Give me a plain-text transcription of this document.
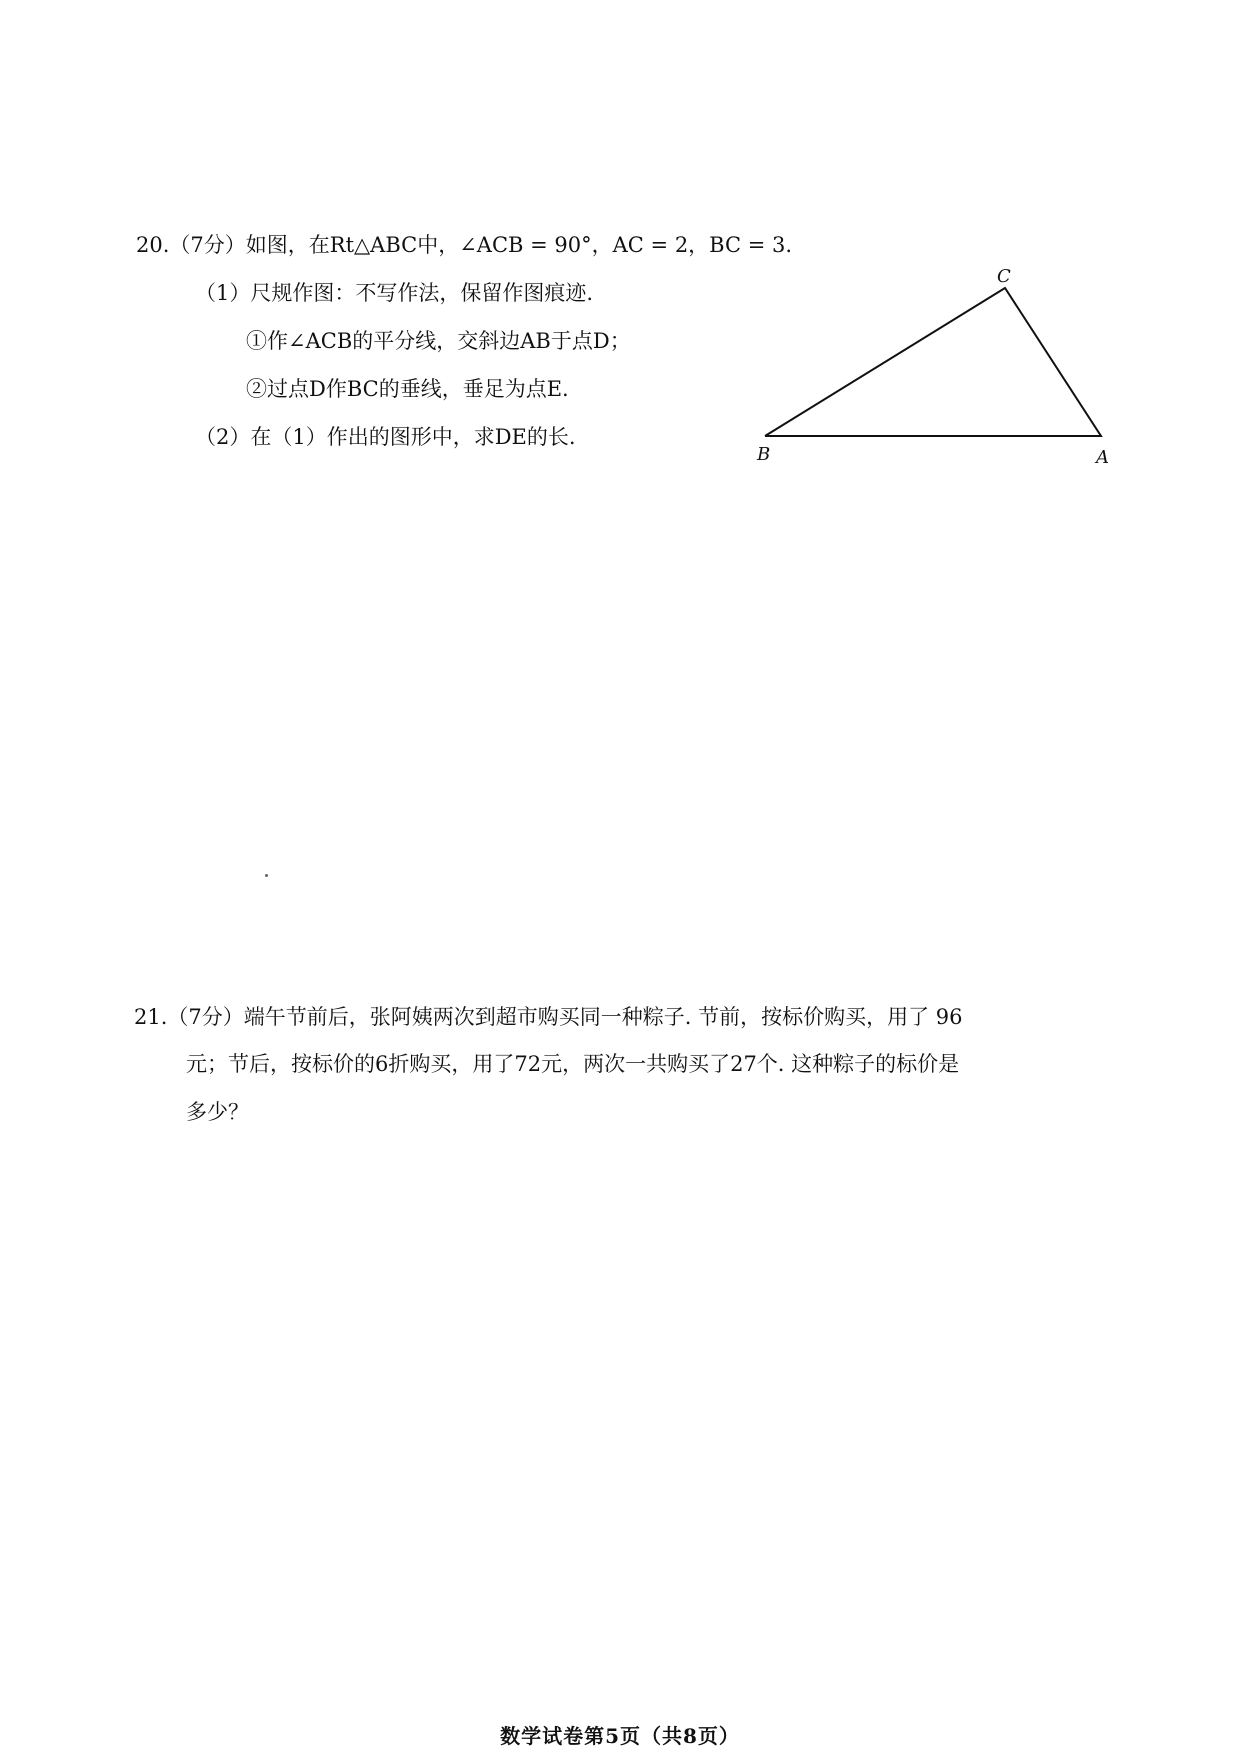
20.（7分）如图，在Rt△ABC中，∠ACB = 90°，AC = 2，BC = 3.
（1）尺规作图：不写作法，保留作图痕迹.
①作∠ACB的平分线，交斜边AB于点D；
②过点D作BC的垂线，垂足为点E.
（2）在（1）作出的图形中，求DE的长.
C
B	A
21.（7分）端午节前后，张阿姨两次到超市购买同一种粽子. 节前，按标价购买，用了 96
元；节后，按标价的6折购买，用了72元，两次一共购买了27个. 这种粽子的标价是
多少？
数学试卷第5页（共8页）
